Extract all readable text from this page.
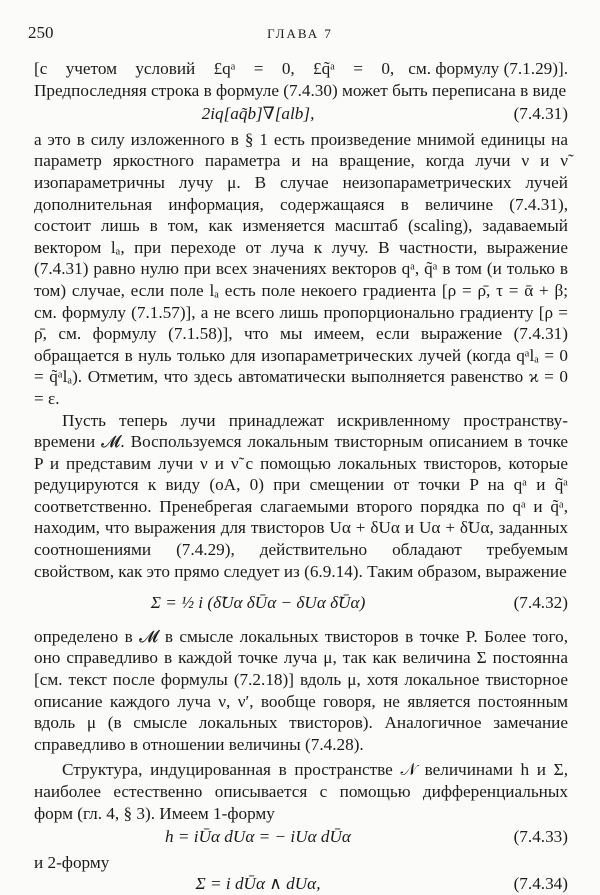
250	ГЛАВА 7
[с учетом условий £qᵃ = 0, £q̃ᵃ = 0, см. формулу (7.1.29)].

Предпоследняя строка в формуле (7.4.30) может быть переписана в виде

2iq[aq̃b]∇[alb],	(7.4.31)

а это в силу изложенного в § 1 есть произведение мнимой единицы на параметр яркостного параметра и на вращение, когда лучи ν и ν̃ изопараметричны лучу μ. В случае неизопараметрических лучей дополнительная информация, содержащаяся в величине (7.4.31), состоит лишь в том, как изменяется масштаб (scaling), задаваемый вектором lₐ, при переходе от луча к лучу. В частности, выражение (7.4.31) равно нулю при всех значениях векторов qᵃ, q̃ᵃ в том (и только в том) случае, если поле lₐ есть поле некоего градиента [ρ = ρ̄, τ = ᾱ + β; см. формулу (7.1.57)], а не всего лишь пропорционально градиенту [ρ = ρ̄, см. формулу (7.1.58)], что мы имеем, если выражение (7.4.31) обращается в нуль только для изопараметрических лучей (когда qᵃlₐ = 0 = q̃ᵃlₐ). Отметим, что здесь автоматически выполняется равенство ϰ = 0 = ε.

Пусть теперь лучи принадлежат искривленному пространству-времени 𝓜. Воспользуемся локальным твисторным описанием в точке P и представим лучи ν и ν̃ с помощью локальных твисторов, которые редуцируются к виду (oA, 0) при смещении от точки P на qᵃ и q̃ᵃ соответственно. Пренебрегая слагаемыми второго порядка по qᵃ и q̃ᵃ, находим, что выражения для твисторов Uα + δUα и Uα + δ̃Uα, заданных соотношениями (7.4.29), действительно обладают требуемым свойством, как это прямо следует из (6.9.14). Таким образом, выражение

Σ = ½ i (δ̃Uα δŪα − δUα δ̃Ūα)	(7.4.32)

определено в 𝓜 в смысле локальных твисторов в точке P. Более того, оно справедливо в каждой точке луча μ, так как величина Σ постоянна [см. текст после формулы (7.2.18)] вдоль μ, хотя локальное твисторное описание каждого луча ν, ν′, вообще говоря, не является постоянным вдоль μ (в смысле локальных твисторов). Аналогичное замечание справедливо в отношении величины (7.4.28).

Структура, индуцированная в пространстве 𝒩 величинами h и Σ, наиболее естественно описывается с помощью дифференциальных форм (гл. 4, § 3). Имеем 1-форму

h = iŪα dUα = − iUα dŪα	(7.4.33)

и 2-форму

Σ = i dŪα ∧ dUα,	(7.4.34)
